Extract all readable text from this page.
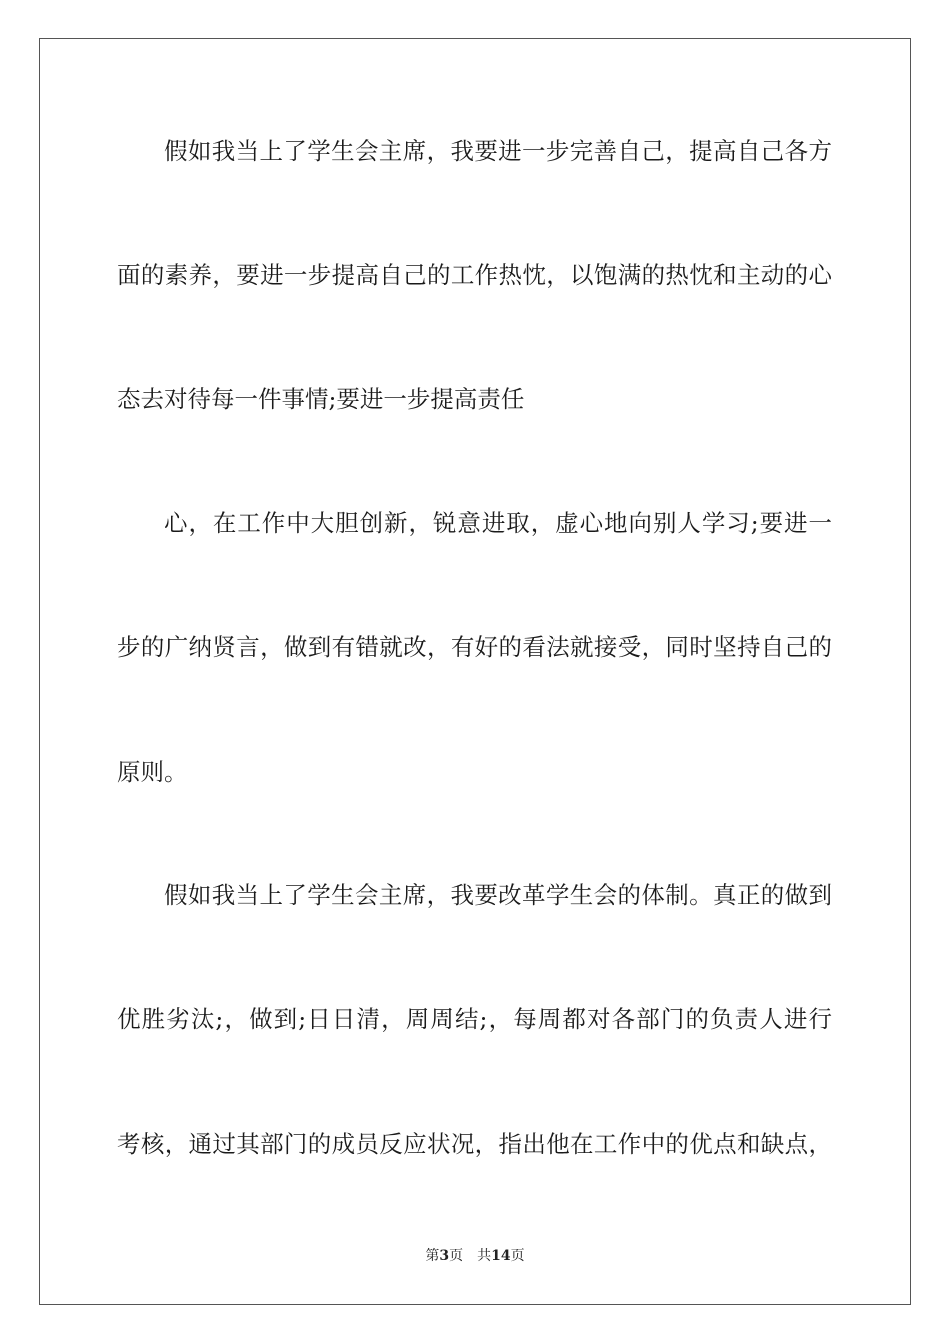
假如我当上了学生会主席，我要进一步完善自己，提高自己各方
面的素养，要进一步提高自己的工作热忱，以饱满的热忱和主动的心
态去对待每一件事情;要进一步提高责任
心，在工作中大胆创新，锐意进取，虚心地向别人学习;要进一
步的广纳贤言，做到有错就改，有好的看法就接受，同时坚持自己的
原则。
假如我当上了学生会主席，我要改革学生会的体制。真正的做到
优胜劣汰;，做到;日日清，周周结;，每周都对各部门的负责人进行
考核，通过其部门的成员反应状况，指出他在工作中的优点和缺点，
第3页 共14页
